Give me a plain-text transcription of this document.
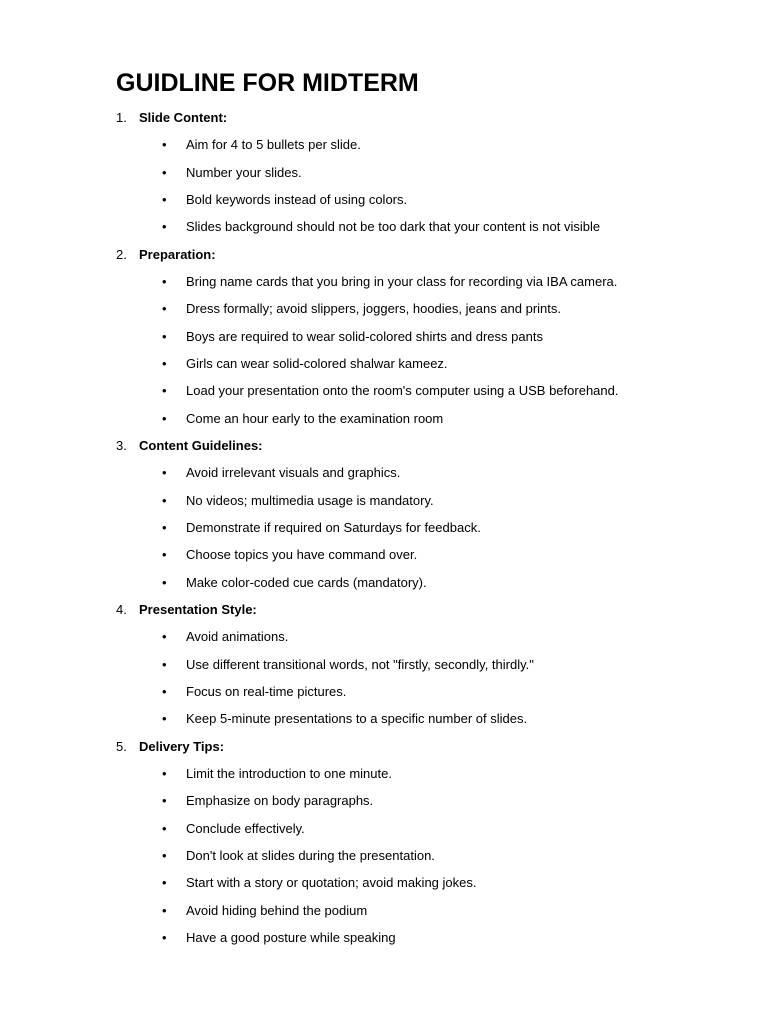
GUIDLINE FOR MIDTERM
1. Slide Content:
•	Aim for 4 to 5 bullets per slide.
•	Number your slides.
•	Bold keywords instead of using colors.
•	Slides background should not be too dark that your content is not visible
2. Preparation:
•	Bring name cards that you bring in your class for recording via IBA camera.
•	Dress formally; avoid slippers, joggers, hoodies, jeans and prints.
•	Boys are required to wear solid-colored shirts and dress pants
•	Girls can wear solid-colored shalwar kameez.
•	Load your presentation onto the room's computer using a USB beforehand.
•	Come an hour early to the examination room
3. Content Guidelines:
•	Avoid irrelevant visuals and graphics.
•	No videos; multimedia usage is mandatory.
•	Demonstrate if required on Saturdays for feedback.
•	Choose topics you have command over.
•	Make color-coded cue cards (mandatory).
4. Presentation Style:
•	Avoid animations.
•	Use different transitional words, not "firstly, secondly, thirdly."
•	Focus on real-time pictures.
•	Keep 5-minute presentations to a specific number of slides.
5. Delivery Tips:
•	Limit the introduction to one minute.
•	Emphasize on body paragraphs.
•	Conclude effectively.
•	Don't look at slides during the presentation.
•	Start with a story or quotation; avoid making jokes.
•	Avoid hiding behind the podium
•	Have a good posture while speaking
